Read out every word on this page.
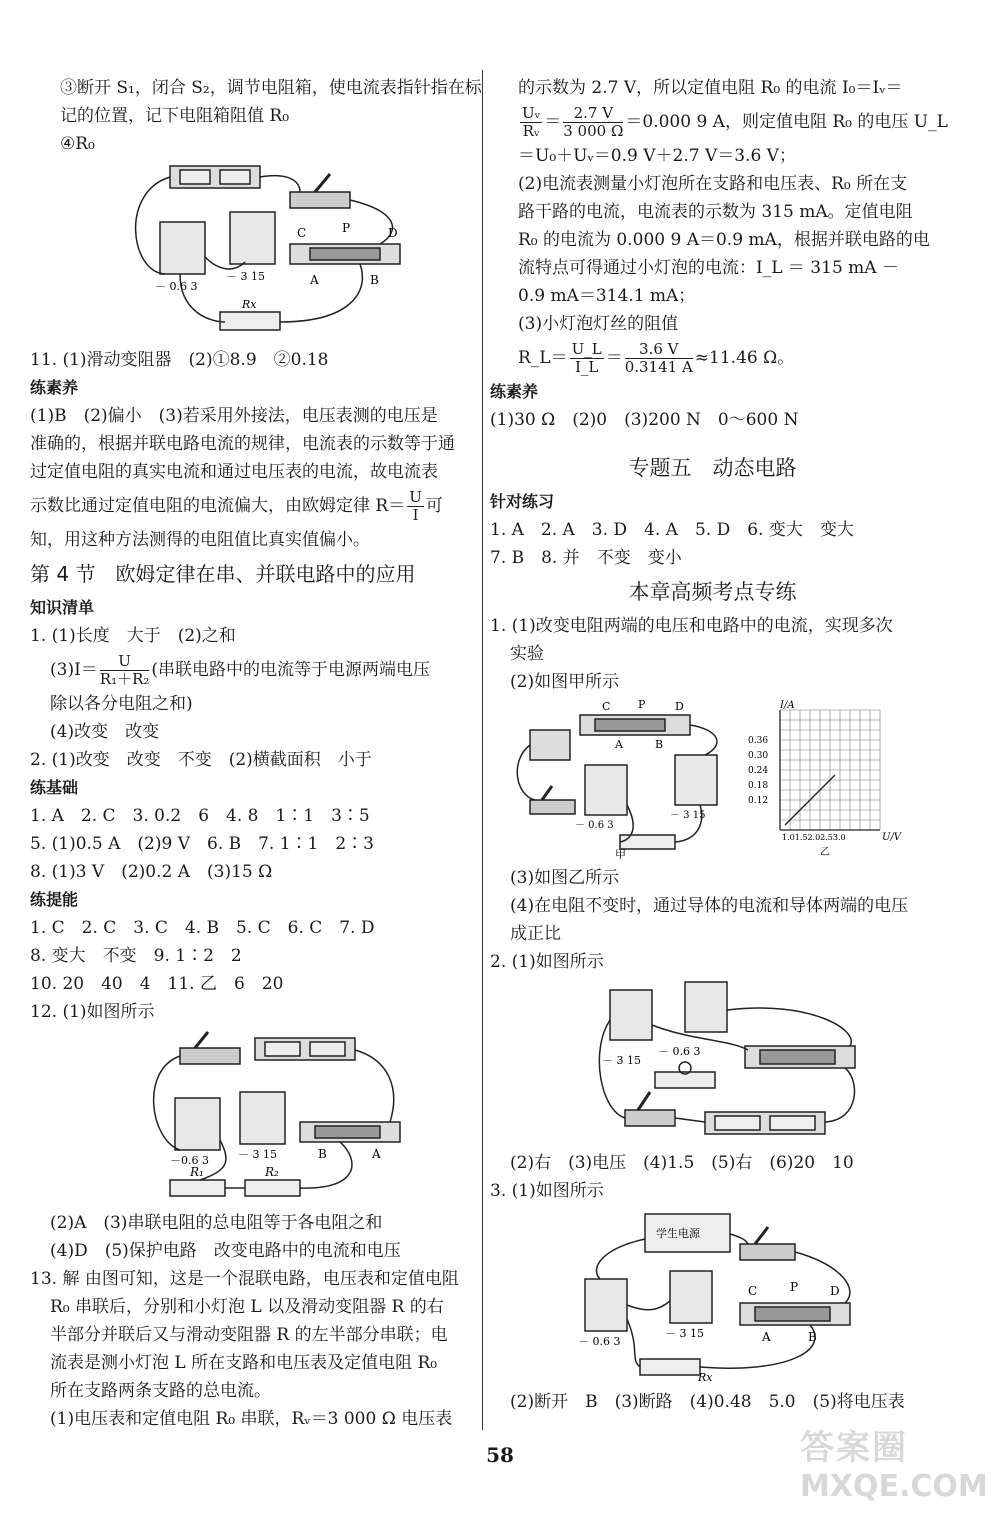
③断开 S₁，闭合 S₂，调节电阻箱，使电流表指针指在标
记的位置，记下电阻箱阻值 R₀
④R₀
C	P	D
A	B
－ 0.6 3
－ 3 15
Rx
11. (1)滑动变阻器　(2)①8.9　②0.18
练素养
(1)B　(2)偏小　(3)若采用外接法，电压表测的电压是
准确的，根据并联电路电流的规律，电流表的示数等于通
过定值电阻的真实电流和通过电压表的电流，故电流表
示数比通过定值电阻的电流偏大，由欧姆定律 $R= \frac{U}{I}$ 可
知，用这种方法测得的电阻值比真实值偏小。
第 4 节　欧姆定律在串、并联电路中的应用
知识清单
1. (1)长度　大于　(2)之和
$(3)I= \frac{U}{\text{R₁＋R₂}}$ (串联电路中的电流等于电源两端电压
除以各分电阻之和)
(4)改变　改变
2. (1)改变　改变　不变　(2)横截面积　小于
练基础
1. A　2. C　3. 0.2　6　4. 8　1∶1　3∶5
5. (1)0.5 A　(2)9 V　6. B　7. 1∶1　2∶3
8. (1)3 V　(2)0.2 A　(3)15 Ω
练提能
1. C　2. C　3. C　4. B　5. C　6. C　7. D
8. 变大　不变　9. 1∶2　2
10. 20　40　4　11. 乙　6　20
12. (1)如图所示
－0.6 3	－ 3 15
R₁	R₂
B	A
(2)A　(3)串联电阻的总电阻等于各电阻之和
(4)D　(5)保护电路　改变电路中的电流和电压
13. 解 由图可知，这是一个混联电路，电压表和定值电阻
R₀ 串联后，分别和小灯泡 L 以及滑动变阻器 R 的右
半部分并联后又与滑动变阻器 R 的左半部分串联；电
流表是测小灯泡 L 所在支路和电压表及定值电阻 R₀
所在支路两条支路的总电流。
(1)电压表和定值电阻 R₀ 串联，Rᵥ＝3 000 Ω 电压表
的示数为 2.7 V，所以定值电阻 R₀ 的电流 I₀＝Iᵥ＝
$\frac{\text{Uᵥ}}{\text{Rᵥ}} = \frac{2.7 V}{3 000 \Omega} =0.000$ 9 A，则定值电阻 R₀ 的电压 U_L
＝U₀＋Uᵥ＝0.9 V＋2.7 V＝3.6 V；
(2)电流表测量小灯泡所在支路和电压表、R₀ 所在支
路干路的电流，电流表的示数为 315 mA。定值电阻
R₀ 的电流为 0.000 9 A＝0.9 mA，根据并联电路的电
流特点可得通过小灯泡的电流：I_L ＝ 315 mA －
0.9 mA＝314.1 mA；
(3)小灯泡灯丝的阻值
R_L＝ $\frac{U\_L}{I\_L} = \frac{3.6 V}{0.3141 A} \approx 11.46$ Ω。
练素养
(1)30 Ω　(2)0　(3)200 N　0～600 N
专题五　动态电路
针对练习
1. A　2. A　3. D　4. A　5. D　6. 变大　变大
7. B　8. 并　不变　变小
本章高频考点专练
1. (1)改变电阻两端的电压和电路中的电流，实现多次
实验
(2)如图甲所示
C	P	D
A	B
－ 0.6 3
－ 3 15
甲
I/A
U/V
1.01.52.02.53.0
乙
0.36
0.30
0.24
0.18
0.12
(3)如图乙所示
(4)在电阻不变时，通过导体的电流和导体两端的电压
成正比
2. (1)如图所示
－ 0.6 3
－ 3 15
(2)右　(3)电压　(4)1.5　(5)右　(6)20　10
3. (1)如图所示
学生电源
C	P	D
A	B
－ 0.6 3
－ 3 15
Rx
(2)断开　B　(3)断路　(4)0.48　5.0　(5)将电压表
58	答案圈
MXQE.COM
